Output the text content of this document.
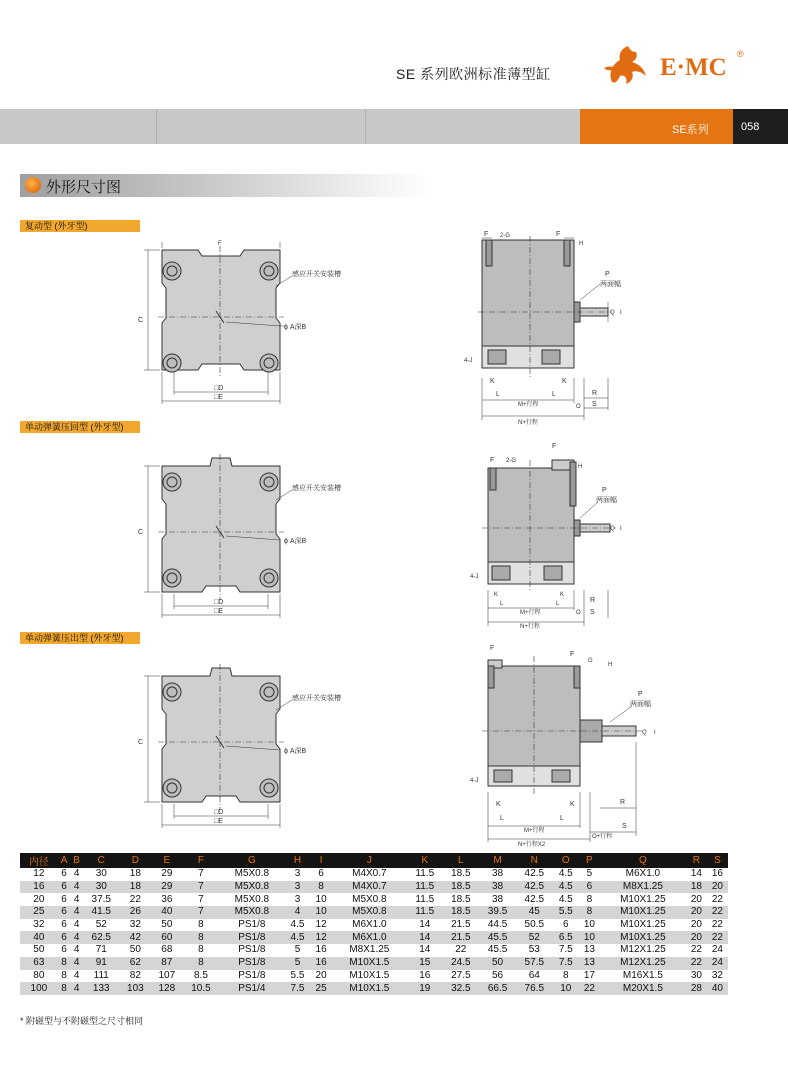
SE 系列欧洲标准薄型缸	E·MC ®
SE系列	058
外形尺寸图
复动型 (外牙型)
单动弹簧压回型 (外牙型)
单动弹簧压出型 (外牙型)
F
C
感应开关安装槽
ϕ A深B
□D
□E
F 2-G	F
H
P
两面幅
Q I
4-J
K	K
L	L
M+行程
N+行程
O
R
S
C
感应开关安装槽
ϕ A深B
□D
□E
F
F 2-G
H
P
两面幅
Q I
4-J
K	K
L	L
M+行程
N+行程
O
R
S
C
感应开关安装槽
ϕ A深B
□D
□E
F
F
G
H
P
两面幅
Q I
4-J
K	K
L	L
M+行程
N+行程X2
O+行程
R
S
内径	A	B	C	D	E	F	G	H	I	J	K	L	M	N	O	P	Q	R	S
12	6	4	30	18	29	7	M5X0.8	3	6	M4X0.7	11.5	18.5	38	42.5	4.5	5	M6X1.0	14	16
16	6	4	30	18	29	7	M5X0.8	3	8	M4X0.7	11.5	18.5	38	42.5	4.5	6	M8X1.25	18	20
20	6	4	37.5	22	36	7	M5X0.8	3	10	M5X0.8	11.5	18.5	38	42.5	4.5	8	M10X1.25	20	22
25	6	4	41.5	26	40	7	M5X0.8	4	10	M5X0.8	11.5	18.5	39.5	45	5.5	8	M10X1.25	20	22
32	6	4	52	32	50	8	PS1/8	4.5	12	M6X1.0	14	21.5	44.5	50.5	6	10	M10X1.25	20	22
40	6	4	62.5	42	60	8	PS1/8	4.5	12	M6X1.0	14	21.5	45.5	52	6.5	10	M10X1.25	20	22
50	6	4	71	50	68	8	PS1/8	5	16	M8X1.25	14	22	45.5	53	7.5	13	M12X1.25	22	24
63	8	4	91	62	87	8	PS1/8	5	16	M10X1.5	15	24.5	50	57.5	7.5	13	M12X1.25	22	24
80	8	4	111	82	107	8.5	PS1/8	5.5	20	M10X1.5	16	27.5	56	64	8	17	M16X1.5	30	32
100	8	4	133	103	128	10.5	PS1/4	7.5	25	M10X1.5	19	32.5	66.5	76.5	10	22	M20X1.5	28	40
* 附磁型与不附磁型之尺寸相同
